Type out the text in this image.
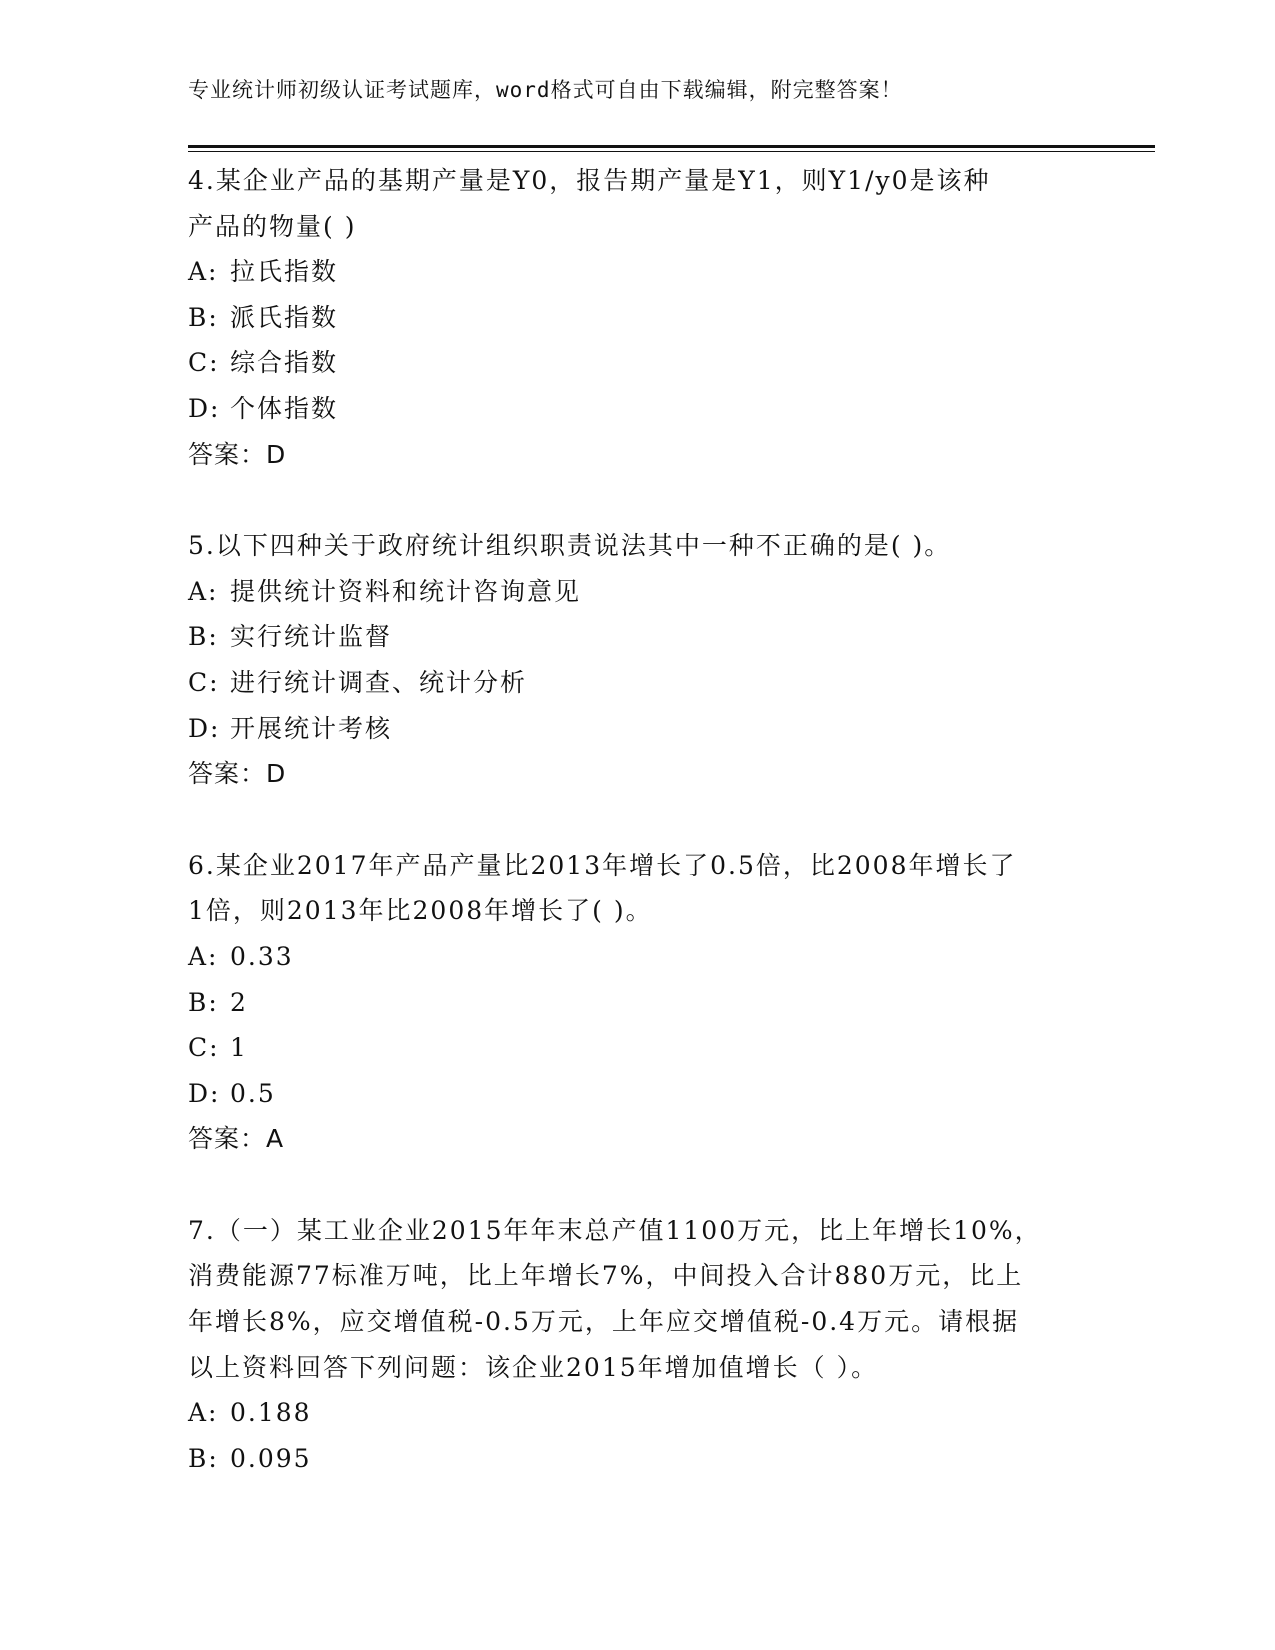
专业统计师初级认证考试题库，word格式可自由下载编辑，附完整答案！
4.某企业产品的基期产量是Y0，报告期产量是Y1，则Y1/y0是该种
产品的物量( )
A: 拉氏指数
B: 派氏指数
C: 综合指数
D: 个体指数
答案：D
5.以下四种关于政府统计组织职责说法其中一种不正确的是( )。
A: 提供统计资料和统计咨询意见
B: 实行统计监督
C: 进行统计调查、统计分析
D: 开展统计考核
答案：D
6.某企业2017年产品产量比2013年增长了0.5倍，比2008年增长了
1倍，则2013年比2008年增长了( )。
A: 0.33
B: 2
C: 1
D: 0.5
答案：A
7.（一）某工业企业2015年年末总产值1100万元，比上年增长10%，
消费能源77标准万吨，比上年增长7%，中间投入合计880万元，比上
年增长8%，应交增值税-0.5万元，上年应交增值税-0.4万元。请根据
以上资料回答下列问题：该企业2015年增加值增长（ ）。
A: 0.188
B: 0.095
